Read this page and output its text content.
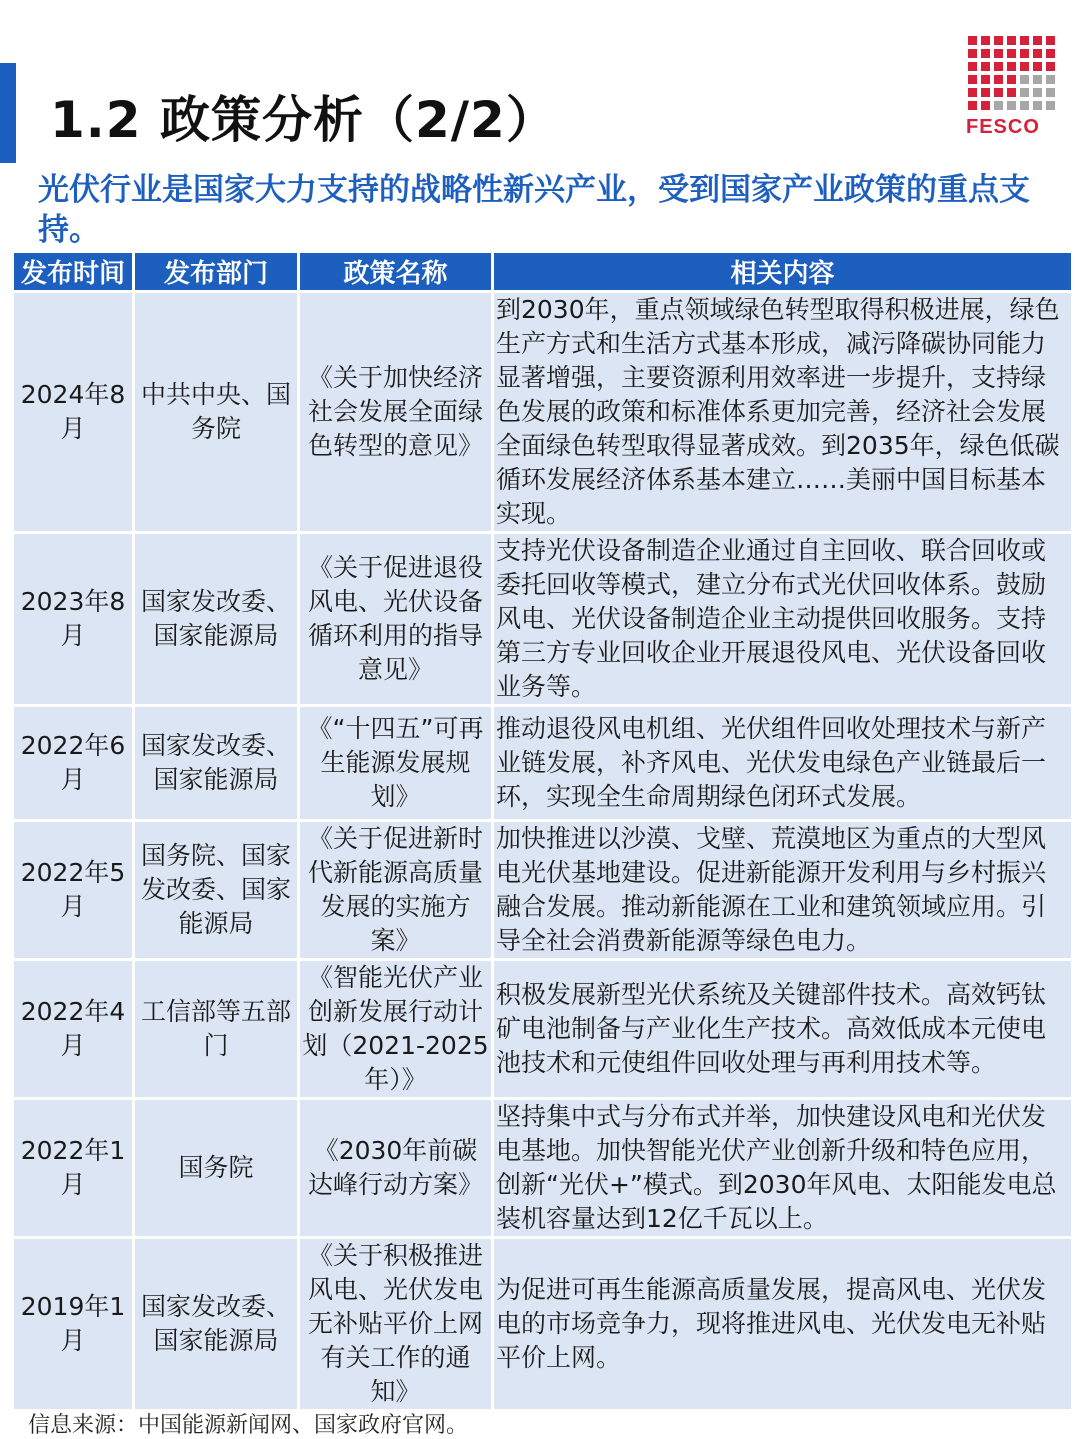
1.2 政策分析（2/2）	FESCO
光伏行业是国家大力支持的战略性新兴产业，受到国家产业政策的重点支持。
发布时间	发布部门	政策名称	相关内容
2024年8月	中共中央、国务院	《关于加快经济社会发展全面绿色转型的意见》	到2030年，重点领域绿色转型取得积极进展，绿色生产方式和生活方式基本形成，减污降碳协同能力显著增强，主要资源利用效率进一步提升，支持绿色发展的政策和标准体系更加完善，经济社会发展全面绿色转型取得显著成效。到2035年，绿色低碳循环发展经济体系基本建立……美丽中国目标基本实现。
2023年8月	国家发改委、国家能源局	《关于促进退役风电、光伏设备循环利用的指导意见》	支持光伏设备制造企业通过自主回收、联合回收或委托回收等模式，建立分布式光伏回收体系。鼓励风电、光伏设备制造企业主动提供回收服务。支持第三方专业回收企业开展退役风电、光伏设备回收业务等。
2022年6月	国家发改委、国家能源局	《“十四五”可再生能源发展规划》	推动退役风电机组、光伏组件回收处理技术与新产业链发展，补齐风电、光伏发电绿色产业链最后一环，实现全生命周期绿色闭环式发展。
2022年5月	国务院、国家发改委、国家能源局	《关于促进新时代新能源高质量发展的实施方案》	加快推进以沙漠、戈壁、荒漠地区为重点的大型风电光伏基地建设。促进新能源开发利用与乡村振兴融合发展。推动新能源在工业和建筑领域应用。引导全社会消费新能源等绿色电力。
2022年4月	工信部等五部门	《智能光伏产业创新发展行动计划（2021-2025年）》	积极发展新型光伏系统及关键部件技术。高效钙钛矿电池制备与产业化生产技术。高效低成本元使电池技术和元使组件回收处理与再利用技术等。
2022年1月	国务院	《2030年前碳达峰行动方案》	坚持集中式与分布式并举，加快建设风电和光伏发电基地。加快智能光伏产业创新升级和特色应用，创新“光伏+”模式。到2030年风电、太阳能发电总装机容量达到12亿千瓦以上。
2019年1月	国家发改委、国家能源局	《关于积极推进风电、光伏发电无补贴平价上网有关工作的通知》	为促进可再生能源高质量发展，提高风电、光伏发电的市场竞争力，现将推进风电、光伏发电无补贴平价上网。
信息来源：中国能源新闻网、国家政府官网。
